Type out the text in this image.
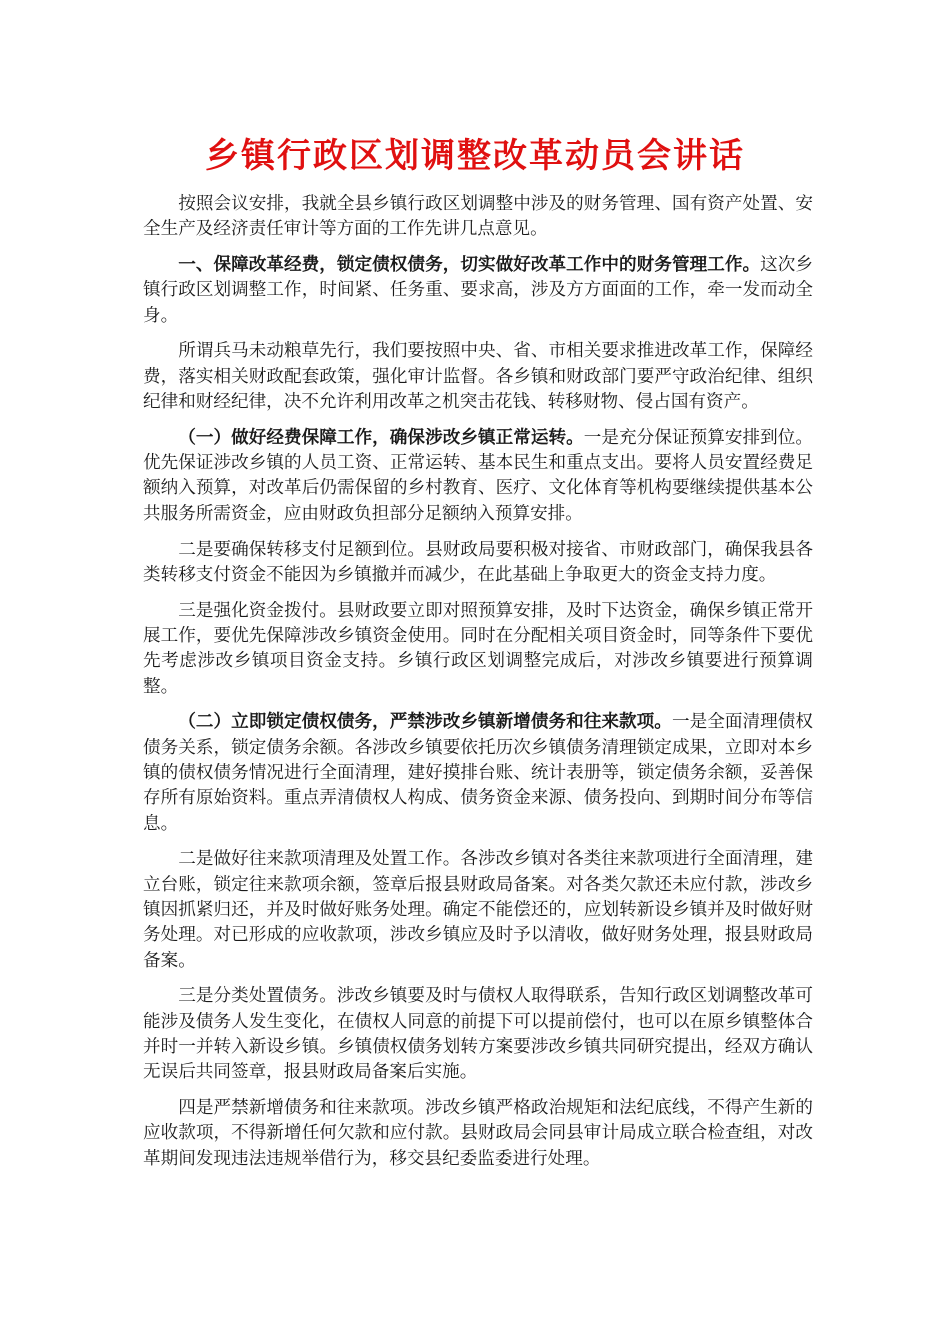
乡镇行政区划调整改革动员会讲话

按照会议安排，我就全县乡镇行政区划调整中涉及的财务管理、国有资产处置、安全生产及经济责任审计等方面的工作先讲几点意见。

一、保障改革经费，锁定债权债务，切实做好改革工作中的财务管理工作。这次乡镇行政区划调整工作，时间紧、任务重、要求高，涉及方方面面的工作，牵一发而动全身。

所谓兵马未动粮草先行，我们要按照中央、省、市相关要求推进改革工作，保障经费，落实相关财政配套政策，强化审计监督。各乡镇和财政部门要严守政治纪律、组织纪律和财经纪律，决不允许利用改革之机突击花钱、转移财物、侵占国有资产。

（一）做好经费保障工作，确保涉改乡镇正常运转。一是充分保证预算安排到位。优先保证涉改乡镇的人员工资、正常运转、基本民生和重点支出。要将人员安置经费足额纳入预算，对改革后仍需保留的乡村教育、医疗、文化体育等机构要继续提供基本公共服务所需资金，应由财政负担部分足额纳入预算安排。

二是要确保转移支付足额到位。县财政局要积极对接省、市财政部门，确保我县各类转移支付资金不能因为乡镇撤并而减少，在此基础上争取更大的资金支持力度。

三是强化资金拨付。县财政要立即对照预算安排，及时下达资金，确保乡镇正常开展工作，要优先保障涉改乡镇资金使用。同时在分配相关项目资金时，同等条件下要优先考虑涉改乡镇项目资金支持。乡镇行政区划调整完成后，对涉改乡镇要进行预算调整。

（二）立即锁定债权债务，严禁涉改乡镇新增债务和往来款项。一是全面清理债权债务关系，锁定债务余额。各涉改乡镇要依托历次乡镇债务清理锁定成果，立即对本乡镇的债权债务情况进行全面清理，建好摸排台账、统计表册等，锁定债务余额，妥善保存所有原始资料。重点弄清债权人构成、债务资金来源、债务投向、到期时间分布等信息。

二是做好往来款项清理及处置工作。各涉改乡镇对各类往来款项进行全面清理，建立台账，锁定往来款项余额，签章后报县财政局备案。对各类欠款还未应付款，涉改乡镇因抓紧归还，并及时做好账务处理。确定不能偿还的，应划转新设乡镇并及时做好财务处理。对已形成的应收款项，涉改乡镇应及时予以清收，做好财务处理，报县财政局备案。

三是分类处置债务。涉改乡镇要及时与债权人取得联系，告知行政区划调整改革可能涉及债务人发生变化，在债权人同意的前提下可以提前偿付，也可以在原乡镇整体合并时一并转入新设乡镇。乡镇债权债务划转方案要涉改乡镇共同研究提出，经双方确认无误后共同签章，报县财政局备案后实施。

四是严禁新增债务和往来款项。涉改乡镇严格政治规矩和法纪底线，不得产生新的应收款项，不得新增任何欠款和应付款。县财政局会同县审计局成立联合检查组，对改革期间发现违法违规举借行为，移交县纪委监委进行处理。
